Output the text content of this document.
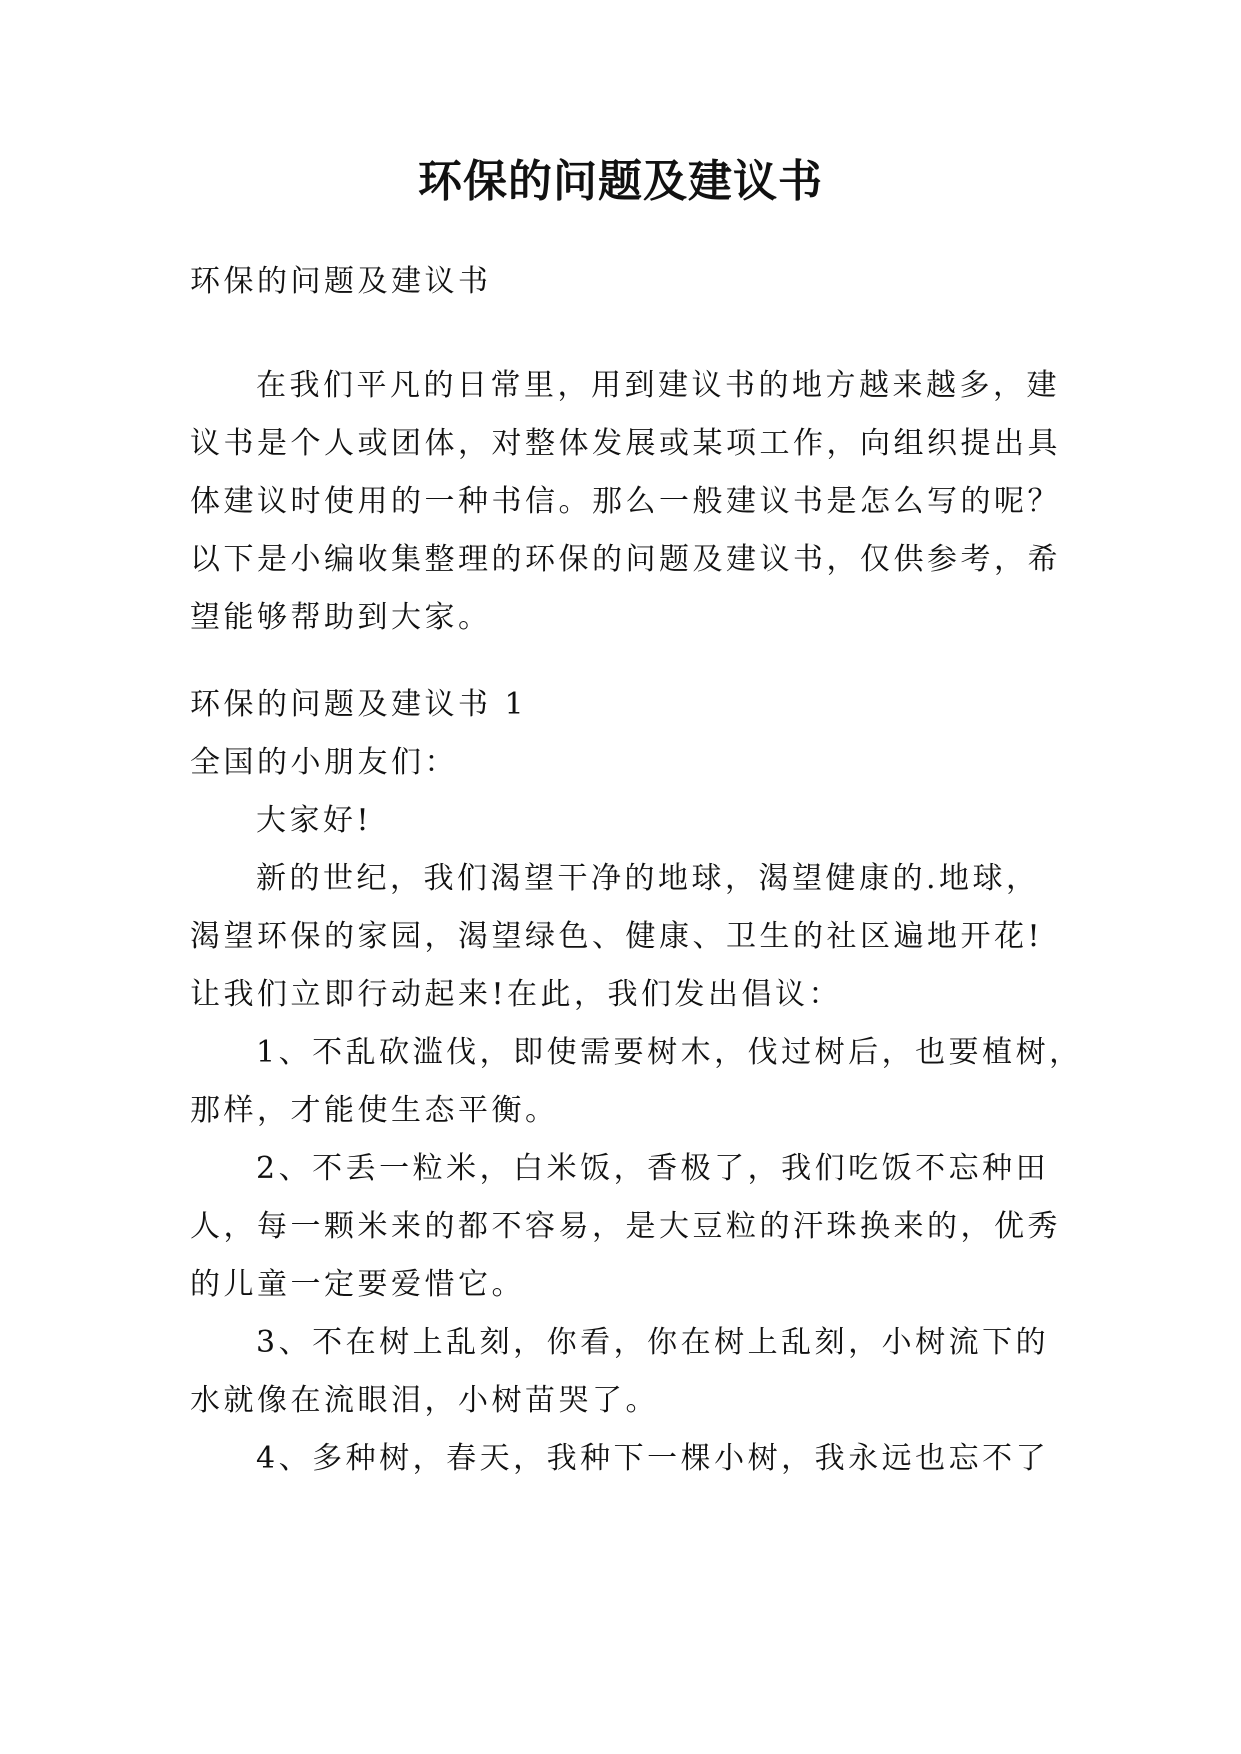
环保的问题及建议书

环保的问题及建议书

在我们平凡的日常里，用到建议书的地方越来越多，建
议书是个人或团体，对整体发展或某项工作，向组织提出具
体建议时使用的一种书信。那么一般建议书是怎么写的呢？
以下是小编收集整理的环保的问题及建议书，仅供参考，希
望能够帮助到大家。
环保的问题及建议书 1
全国的小朋友们：
大家好!
新的世纪，我们渴望干净的地球，渴望健康的.地球，
渴望环保的家园，渴望绿色、健康、卫生的社区遍地开花!
让我们立即行动起来!在此，我们发出倡议：
1、不乱砍滥伐，即使需要树木，伐过树后，也要植树，
那样，才能使生态平衡。
2、不丢一粒米，白米饭，香极了，我们吃饭不忘种田
人，每一颗米来的都不容易，是大豆粒的汗珠换来的，优秀
的儿童一定要爱惜它。
3、不在树上乱刻，你看，你在树上乱刻，小树流下的
水就像在流眼泪，小树苗哭了。
4、多种树，春天，我种下一棵小树，我永远也忘不了
